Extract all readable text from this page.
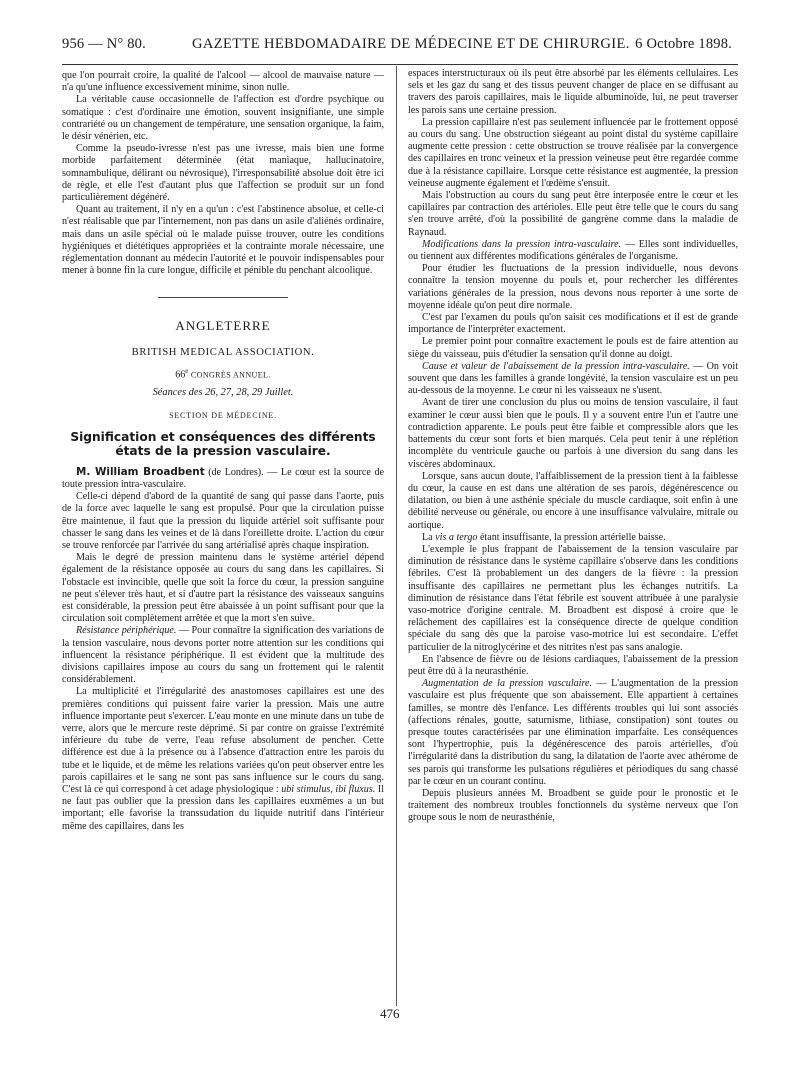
956 — N° 80.	GAZETTE HEBDOMADAIRE DE MÉDECINE ET DE CHIRURGIE. 6 Octobre 1898.

que l'on pourrait croire, la qualité de l'alcool — alcool de mauvaise nature — n'a qu'une influence excessivement minime, sinon nulle.

La véritable cause occasionnelle de l'affection est d'ordre psychique ou somatique : c'est d'ordinaire une émotion, souvent insignifiante, une simple contrariété ou un changement de température, une sensation organique, la faim, le désir vénérien, etc.

Comme la pseudo-ivresse n'est pas une ivresse, mais bien une forme morbide parfaitement déterminée (état maniaque, hallucinatoire, somnambulique, délirant ou névrosique), l'irresponsabilité absolue doit être ici de règle, et elle l'est d'autant plus que l'affection se produit sur un fond particulièrement dégénéré.

Quant au traitement, il n'y en a qu'un : c'est l'abstinence absolue, et celle-ci n'est réalisable que par l'internement, non pas dans un asile d'aliénés ordinaire, mais dans un asile spécial où le malade puisse trouver, outre les conditions hygiéniques et diététiques appropriées et la contrainte morale nécessaire, une réglementation donnant au médecin l'autorité et le pouvoir indispensables pour mener à bonne fin la cure longue, difficile et pénible du penchant alcoolique.

ANGLETERRE
BRITISH MEDICAL ASSOCIATION.
66e CONGRÈS ANNUEL.
Séances des 26, 27, 28, 29 Juillet.
SECTION DE MÉDECINE.
Signification et conséquences des différents états de la pression vasculaire.

M. William Broadbent (de Londres). — Le cœur est la source de toute pression intra-vasculaire.

Celle-ci dépend d'abord de la quantité de sang qui passe dans l'aorte, puis de la force avec laquelle le sang est propulsé. Pour que la circulation puisse être maintenue, il faut que la pression du liquide artériel soit suffisante pour chasser le sang dans les veines et de là dans l'oreillette droite. L'action du cœur se trouve renforcée par l'arrivée du sang artérialisé après chaque inspiration.

Mais le degré de pression maintenu dans le système artériel dépend également de la résistance opposée au cours du sang dans les capillaires. Si l'obstacle est invincible, quelle que soit la force du cœur, la pression sanguine ne peut s'élever très haut, et si d'autre part la résistance des vaisseaux sanguins est considérable, la pression peut être abaissée à un point suffisant pour que la circulation soit complètement arrêtée et que la mort s'en suive.

Résistance périphérique. — Pour connaître la signification des variations de la tension vasculaire, nous devons porter notre attention sur les conditions qui influencent la résistance périphérique. Il est évident que la multitude des divisions capillaires impose au cours du sang un frottement qui le ralentit considérablement.

La multiplicité et l'irrégularité des anastomoses capillaires est une des premières conditions qui puissent faire varier la pression. Mais une autre influence importante peut s'exercer. L'eau monte en une minute dans un tube de verre, alors que le mercure reste déprimé. Si par contre on graisse l'extrémité inférieure du tube de verre, l'eau refuse absolument de pencher. Cette différence est due à la présence ou à l'absence d'attraction entre les parois du tube et le liquide, et de même les relations variées qu'on peut observer entre les parois capillaires et le sang ne sont pas sans influence sur le cours du sang. C'est là ce qui correspond à cet adage physiologique : ubi stimulus, ibi fluxus. Il ne faut pas oublier que la pression dans les capillaires euxmêmes a un but important; elle favorise la transsudation du liquide nutritif dans l'intérieur même des capillaires, dans les

espaces interstructuraux où ils peut être absorbé par les éléments cellulaires. Les sels et les gaz du sang et des tissus peuvent changer de place en se diffusant au travers des parois capillaires, mais le liquide albuminoïde, lui, ne peut traverser les parois sans une certaine pression.

La pression capillaire n'est pas seulement influencée par le frottement opposé au cours du sang. Une obstruction siégeant au point distal du système capillaire augmente cette pression : cette obstruction se trouve réalisée par la convergence des capillaires en tronc veineux et la pression veineuse peut être regardée comme due à la résistance capillaire. Lorsque cette résistance est augmentée, la pression veineuse augmente également et l'œdème s'ensuit.

Mais l'obstruction au cours du sang peut être interposée entre le cœur et les capillaires par contraction des artérioles. Elle peut être telle que le cours du sang s'en trouve arrêté, d'où la possibilité de gangrène comme dans la maladie de Raynaud.

Modifications dans la pression intra-vasculaire. — Elles sont individuelles, ou tiennent aux différentes modifications générales de l'organisme.

Pour étudier les fluctuations de la pression individuelle, nous devons connaître la tension moyenne du pouls et, pour rechercher les différentes variations générales de la pression, nous devons nous reporter à une sorte de moyenne idéale qu'on peut dire normale.

C'est par l'examen du pouls qu'on saisit ces modifications et il est de grande importance de l'interpréter exactement.

Le premier point pour connaître exactement le pouls est de faire attention au siège du vaisseau, puis d'étudier la sensation qu'il donne au doigt.

Cause et valeur de l'abaissement de la pression intra-vasculaire. — On voit souvent que dans les familles à grande longévité, la tension vasculaire est un peu au-dessous de la moyenne. Le cœur ni les vaisseaux ne s'usent.

Avant de tirer une conclusion du plus ou moins de tension vasculaire, il faut examiner le cœur aussi bien que le pouls. Il y a souvent entre l'un et l'autre une contradiction apparente. Le pouls peut être faible et compressible alors que les battements du cœur sont forts et bien marqués. Cela peut tenir à une réplétion incomplète du ventricule gauche ou parfois à une diversion du sang dans les viscères abdominaux.

Lorsque, sans aucun doute, l'affaiblissement de la pression tient à la faiblesse du cœur, la cause en est dans une altération de ses parois, dégénérescence ou dilatation, ou bien à une asthénie spéciale du muscle cardiaque, soit enfin à une débilité nerveuse ou générale, ou encore à une insuffisance valvulaire, mitrale ou aortique.

La vis a tergo étant insuffisante, la pression artérielle baisse.

L'exemple le plus frappant de l'abaissement de la tension vasculaire par diminution de résistance dans le système capillaire s'observe dans les conditions fébriles. C'est là probablement un des dangers de la fièvre : la pression insuffisante des capillaires ne permettant plus les échanges nutritifs. La diminution de résistance dans l'état fébrile est souvent attribuée à une paralysie vaso-motrice d'origine centrale. M. Broadbent est disposé à croire que le relâchement des capillaires est la conséquence directe de quelque condition spéciale du sang dès que la paroise vaso-motrice lui est secondaire. L'effet particulier de la nitroglycérine et des nitrites n'est pas sans analogie.

En l'absence de fièvre ou de lésions cardiaques, l'abaissement de la pression peut être dû à la neurasthénie.

Augmentation de la pression vasculaire. — L'augmentation de la pression vasculaire est plus fréquente que son abaissement. Elle appartient à certaines familles, se montre dès l'enfance. Les différents troubles qui lui sont associés (affections rénales, goutte, saturnisme, lithiase, constipation) sont toutes ou presque toutes caractérisées par une élimination imparfaite. Les conséquences sont l'hypertrophie, puis la dégénérescence des parois artérielles, d'où l'irrégularité dans la distribution du sang, la dilatation de l'aorte avec athérome de ses parois qui transforme les pulsations régulières et périodiques du sang chassé par le cœur en un courant continu.

Depuis plusieurs années M. Broadbent se guide pour le pronostic et le traitement des nombreux troubles fonctionnels du système nerveux que l'on groupe sous le nom de neurasthénie,

476
